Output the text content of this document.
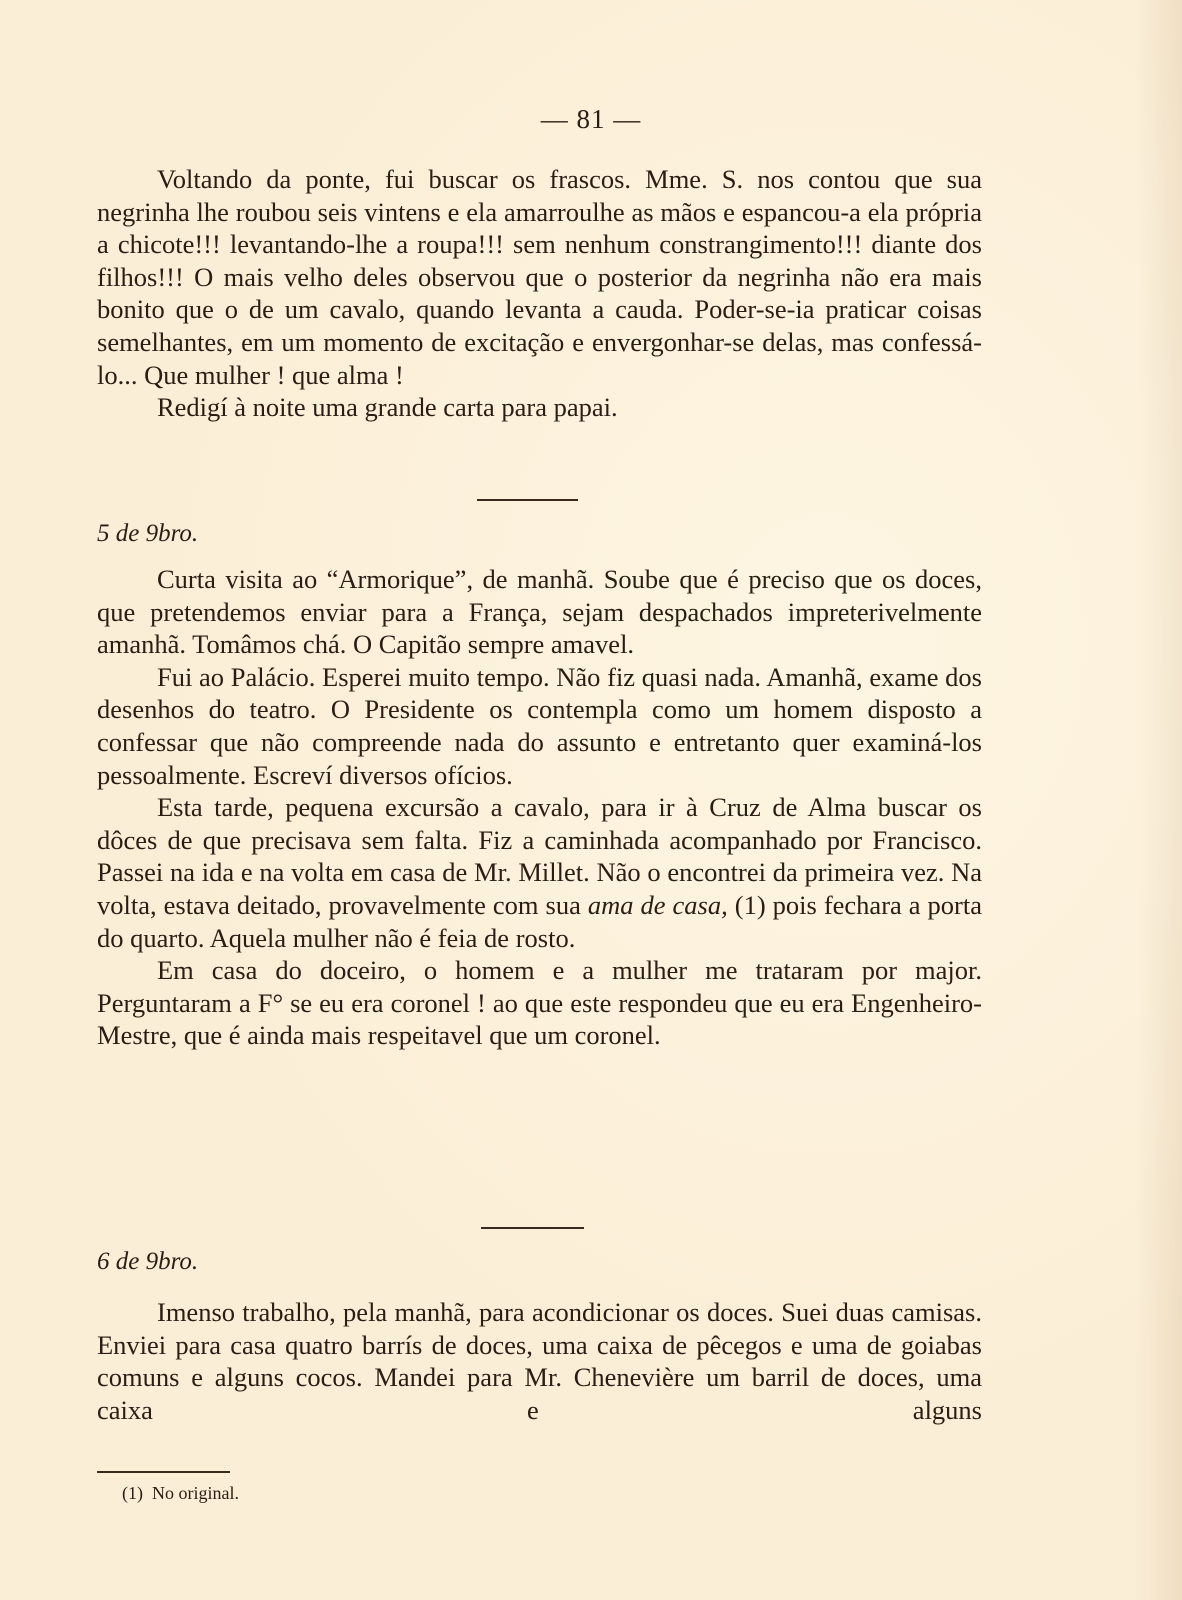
— 81 —

Voltando da ponte, fui buscar os frascos. Mme. S. nos contou que sua negrinha lhe roubou seis vintens e ela amarroulhe as mãos e espancou-a ela própria a chicote!!! levantando-lhe a roupa!!! sem nenhum constrangimento!!! diante dos filhos!!! O mais velho deles observou que o posterior da negrinha não era mais bonito que o de um cavalo, quando levanta a cauda. Poder-se-ia praticar coisas semelhantes, em um momento de excitação e envergonhar-se delas, mas confessá-lo... Que mulher ! que alma !

Redigí à noite uma grande carta para papai.

5 de 9bro.

Curta visita ao “Armorique”, de manhã. Soube que é preciso que os doces, que pretendemos enviar para a França, sejam despachados impreterivelmente amanhã. Tomâmos chá. O Capitão sempre amavel.

Fui ao Palácio. Esperei muito tempo. Não fiz quasi nada. Amanhã, exame dos desenhos do teatro. O Presidente os contempla como um homem disposto a confessar que não compreende nada do assunto e entretanto quer examiná-los pessoalmente. Escreví diversos ofícios.

Esta tarde, pequena excursão a cavalo, para ir à Cruz de Alma buscar os dôces de que precisava sem falta. Fiz a caminhada acompanhado por Francisco. Passei na ida e na volta em casa de Mr. Millet. Não o encontrei da primeira vez. Na volta, estava deitado, provavelmente com sua ama de casa, (1) pois fechara a porta do quarto. Aquela mulher não é feia de rosto.

Em casa do doceiro, o homem e a mulher me trataram por major. Perguntaram a F° se eu era coronel ! ao que este respondeu que eu era Engenheiro-Mestre, que é ainda mais respeitavel que um coronel.

6 de 9bro.

Imenso trabalho, pela manhã, para acondicionar os doces. Suei duas camisas. Enviei para casa quatro barrís de doces, uma caixa de pêcegos e uma de goiabas comuns e alguns cocos. Mandei para Mr. Chenevière um barril de doces, uma caixa e alguns

(1) No original.
